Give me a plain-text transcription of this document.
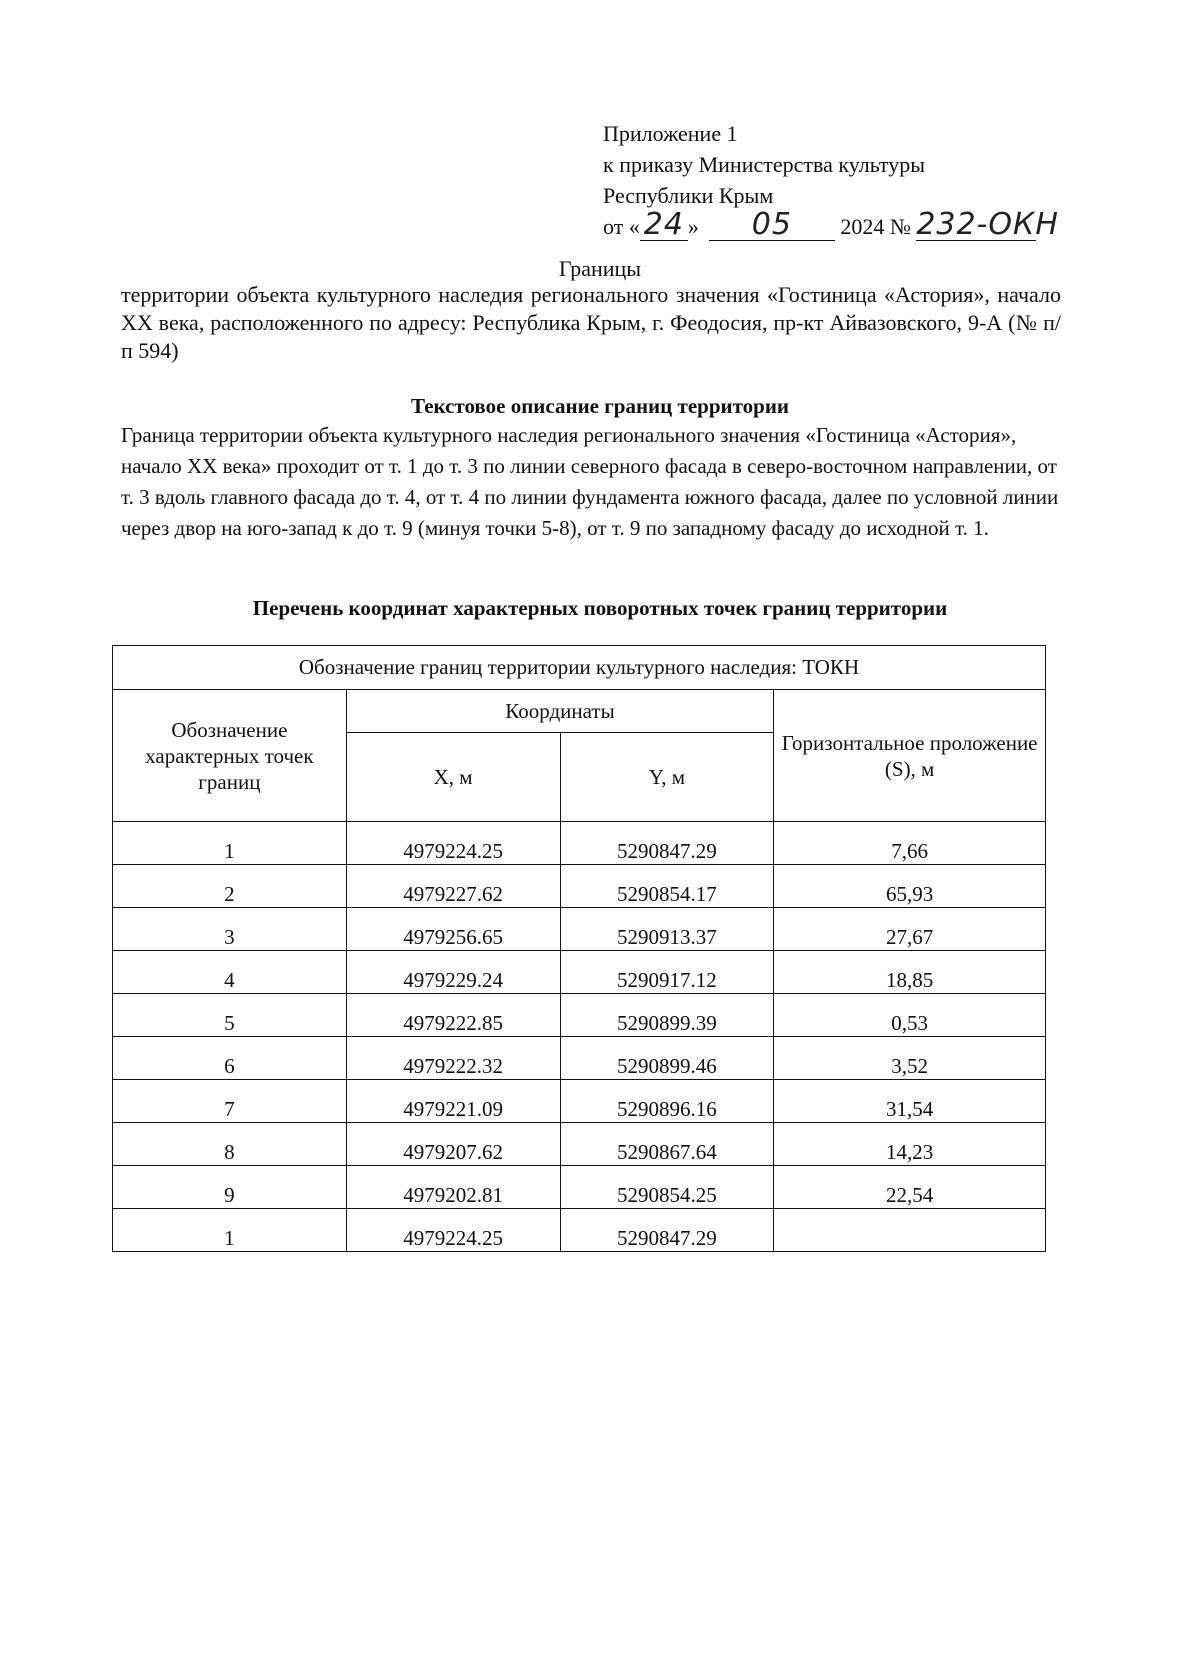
Приложение 1
к приказу Министерства культуры
Республики Крым
от « 24 » 05 2024 № 232-ОКН
Границы
территории объекта культурного наследия регионального значения «Гостиница «Астория», начало XX века, расположенного по адресу: Республика Крым, г. Феодосия, пр-кт Айвазовского, 9-А (№ п/п 594)
Текстовое описание границ территории
Граница территории объекта культурного наследия регионального значения «Гостиница «Астория», начало XX века» проходит от т. 1 до т. 3 по линии северного фасада в северо-восточном направлении, от т. 3 вдоль главного фасада до т. 4, от т. 4 по линии фундамента южного фасада, далее по условной линии через двор на юго-запад к до т. 9 (минуя точки 5-8), от т. 9 по западному фасаду до исходной т. 1.
Перечень координат характерных поворотных точек границ территории
Обозначение границ территории культурного наследия: ТОКН			
Обозначение характерных точек границ	Координаты		Горизонтальное проложение (S), м
	X, м	Y, м	
1	4979224.25	5290847.29	7,66
2	4979227.62	5290854.17	65,93
3	4979256.65	5290913.37	27,67
4	4979229.24	5290917.12	18,85
5	4979222.85	5290899.39	0,53
6	4979222.32	5290899.46	3,52
7	4979221.09	5290896.16	31,54
8	4979207.62	5290867.64	14,23
9	4979202.81	5290854.25	22,54
1	4979224.25	5290847.29	
